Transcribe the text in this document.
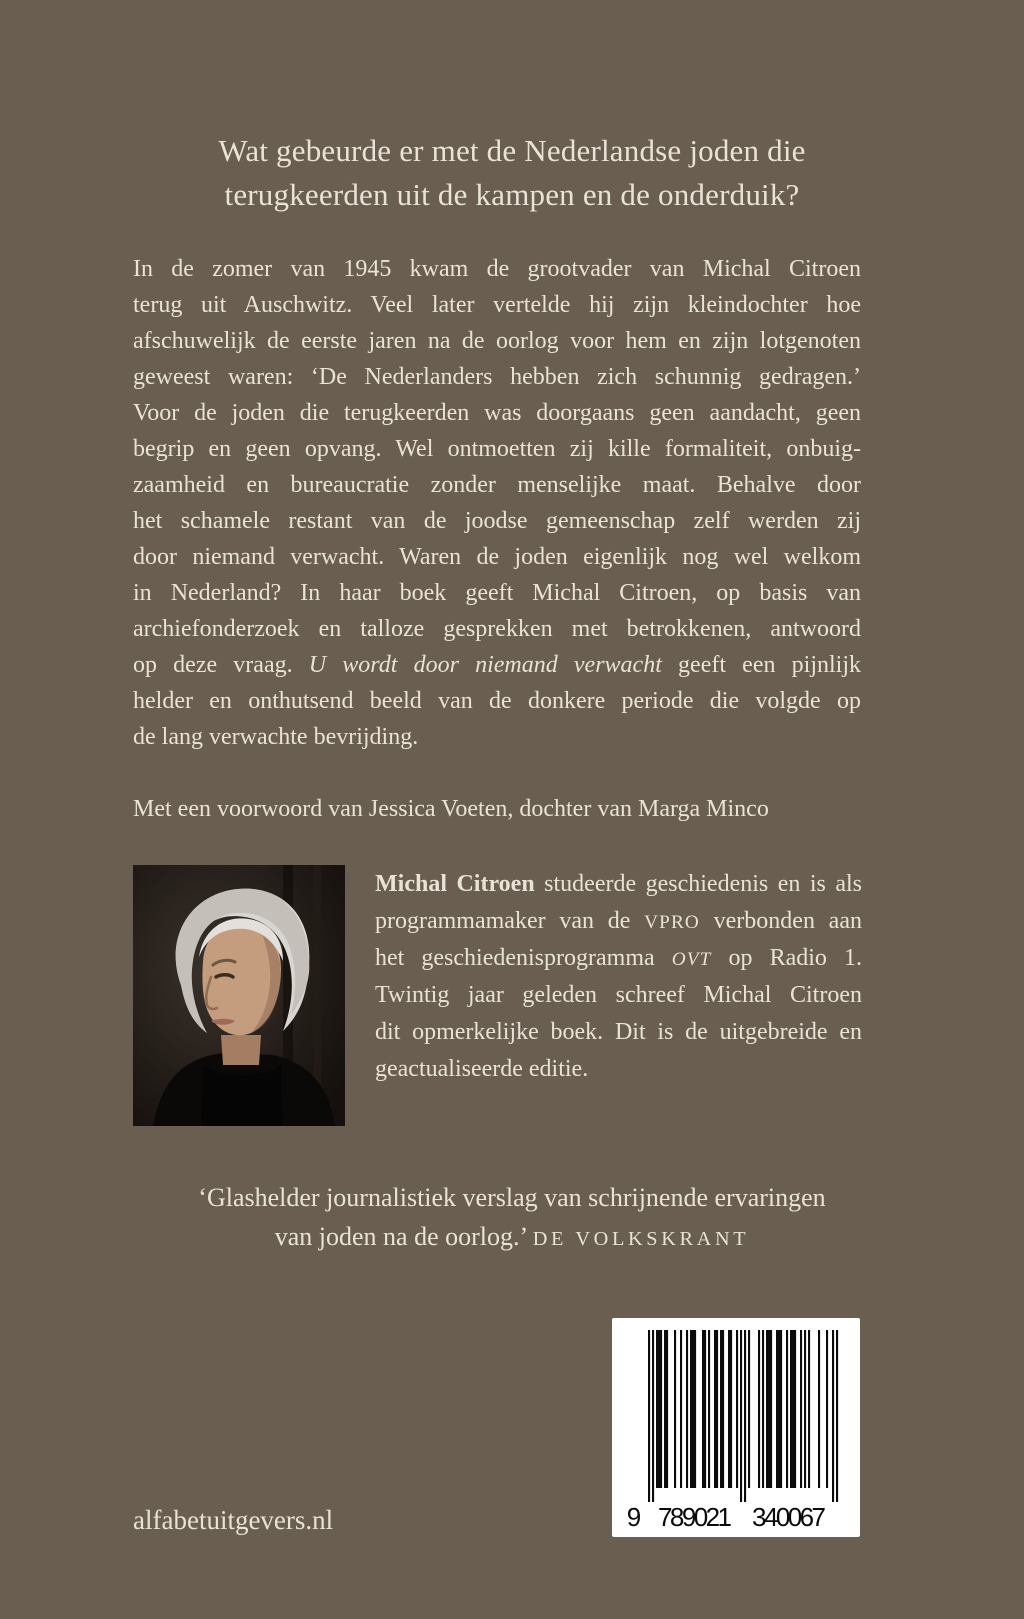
Wat gebeurde er met de Nederlandse joden die
terugkeerden uit de kampen en de onderduik?
In de zomer van 1945 kwam de grootvader van Michal Citroen
terug uit Auschwitz. Veel later vertelde hij zijn kleindochter hoe
afschuwelijk de eerste jaren na de oorlog voor hem en zijn lotgenoten
geweest waren: ‘De Nederlanders hebben zich schunnig gedragen.’
Voor de joden die terugkeerden was doorgaans geen aandacht, geen
begrip en geen opvang. Wel ontmoetten zij kille formaliteit, onbuig-
zaamheid en bureaucratie zonder menselijke maat. Behalve door
het schamele restant van de joodse gemeenschap zelf werden zij
door niemand verwacht. Waren de joden eigenlijk nog wel welkom
in Nederland? In haar boek geeft Michal Citroen, op basis van
archiefonderzoek en talloze gesprekken met betrokkenen, antwoord
op deze vraag. U wordt door niemand verwacht geeft een pijnlijk
helder en onthutsend beeld van de donkere periode die volgde op
de lang verwachte bevrijding.
Met een voorwoord van Jessica Voeten, dochter van Marga Minco
Michal Citroen studeerde geschiedenis en is als
programmamaker van de VPRO verbonden aan
het geschiedenisprogramma OVT op Radio 1.
Twintig jaar geleden schreef Michal Citroen
dit opmerkelijke boek. Dit is de uitgebreide en
geactualiseerde editie.
‘Glashelder journalistiek verslag van schrijnende ervaringen
van joden na de oorlog.’ DE VOLKSKRANT
alfabetuitgevers.nl	9 789021 340067
